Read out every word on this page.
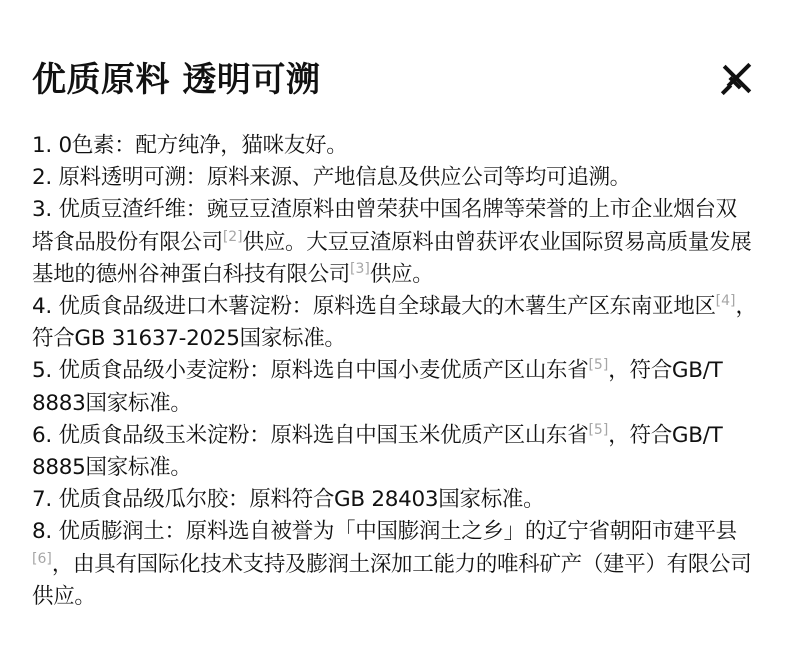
优质原料 透明可溯
1. 0色素：配方纯净，猫咪友好。
2. 原料透明可溯：原料来源、产地信息及供应公司等均可追溯。
3. 优质豆渣纤维：豌豆豆渣原料由曾荣获中国名牌等荣誉的上市企业烟台双塔食品股份有限公司[2]供应。大豆豆渣原料由曾获评农业国际贸易高质量发展基地的德州谷神蛋白科技有限公司[3]供应。
4. 优质食品级进口木薯淀粉：原料选自全球最大的木薯生产区东南亚地区[4]，符合GB 31637-2025国家标准。
5. 优质食品级小麦淀粉：原料选自中国小麦优质产区山东省[5]，符合GB/T 8883国家标准。
6. 优质食品级玉米淀粉：原料选自中国玉米优质产区山东省[5]，符合GB/T 8885国家标准。
7. 优质食品级瓜尔胶：原料符合GB 28403国家标准。
8. 优质膨润土：原料选自被誉为「中国膨润土之乡」的辽宁省朝阳市建平县[6]，由具有国际化技术支持及膨润土深加工能力的唯科矿产（建平）有限公司供应。
